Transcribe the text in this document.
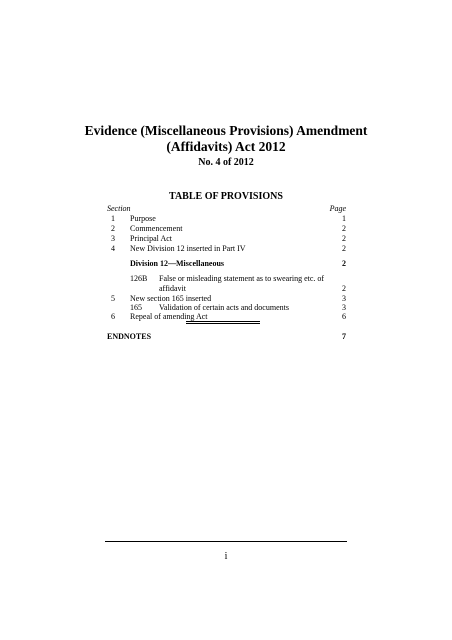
Evidence (Miscellaneous Provisions) Amendment
(Affidavits) Act 2012
No. 4 of 2012
TABLE OF PROVISIONS
Section	Page
1	Purpose	1
2	Commencement	2
3	Principal Act	2
4	New Division 12 inserted in Part IV	2
Division 12—Miscellaneous	2
126B False or misleading statement as to swearing etc. of
affidavit	2
5	New section 165 inserted	3
165 Validation of certain acts and documents	3
6	Repeal of amending Act	6
ENDNOTES	7
i
